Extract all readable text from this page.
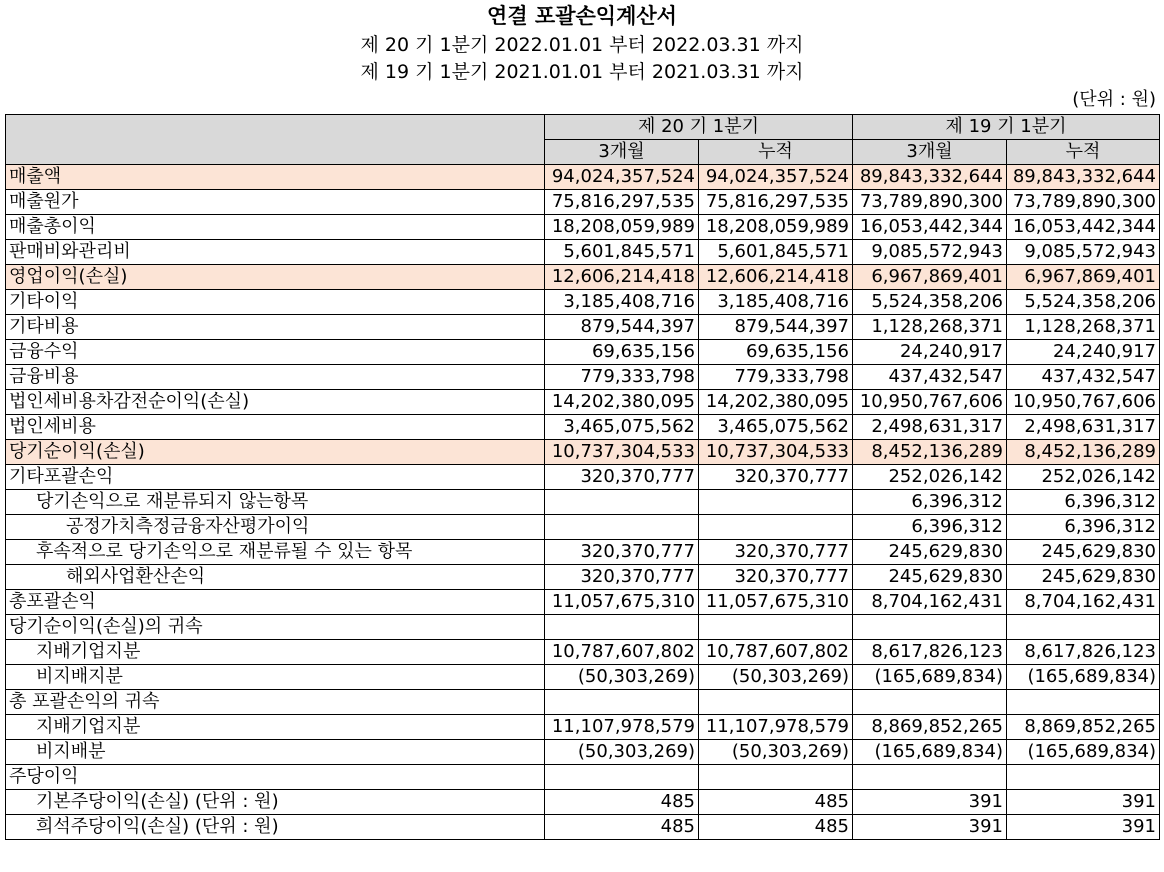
연결 포괄손익계산서
제 20 기 1분기 2022.01.01 부터 2022.03.31 까지
제 19 기 1분기 2021.01.01 부터 2021.03.31 까지
(단위 : 원)
	제 20 기 1분기		제 19 기 1분기	
	3개월	누적	3개월	누적
매출액	94,024,357,524	94,024,357,524	89,843,332,644	89,843,332,644
매출원가	75,816,297,535	75,816,297,535	73,789,890,300	73,789,890,300
매출총이익	18,208,059,989	18,208,059,989	16,053,442,344	16,053,442,344
판매비와관리비	5,601,845,571	5,601,845,571	9,085,572,943	9,085,572,943
영업이익(손실)	12,606,214,418	12,606,214,418	6,967,869,401	6,967,869,401
기타이익	3,185,408,716	3,185,408,716	5,524,358,206	5,524,358,206
기타비용	879,544,397	879,544,397	1,128,268,371	1,128,268,371
금융수익	69,635,156	69,635,156	24,240,917	24,240,917
금융비용	779,333,798	779,333,798	437,432,547	437,432,547
법인세비용차감전순이익(손실)	14,202,380,095	14,202,380,095	10,950,767,606	10,950,767,606
법인세비용	3,465,075,562	3,465,075,562	2,498,631,317	2,498,631,317
당기순이익(손실)	10,737,304,533	10,737,304,533	8,452,136,289	8,452,136,289
기타포괄손익	320,370,777	320,370,777	252,026,142	252,026,142
당기손익으로 재분류되지 않는항목			6,396,312	6,396,312
공정가치측정금융자산평가이익			6,396,312	6,396,312
후속적으로 당기손익으로 재분류될 수 있는 항목	320,370,777	320,370,777	245,629,830	245,629,830
해외사업환산손익	320,370,777	320,370,777	245,629,830	245,629,830
총포괄손익	11,057,675,310	11,057,675,310	8,704,162,431	8,704,162,431
당기순이익(손실)의 귀속				
지배기업지분	10,787,607,802	10,787,607,802	8,617,826,123	8,617,826,123
비지배지분	(50,303,269)	(50,303,269)	(165,689,834)	(165,689,834)
총 포괄손익의 귀속				
지배기업지분	11,107,978,579	11,107,978,579	8,869,852,265	8,869,852,265
비지배분	(50,303,269)	(50,303,269)	(165,689,834)	(165,689,834)
주당이익				
기본주당이익(손실) (단위 : 원)	485	485	391	391
희석주당이익(손실) (단위 : 원)	485	485	391	391
